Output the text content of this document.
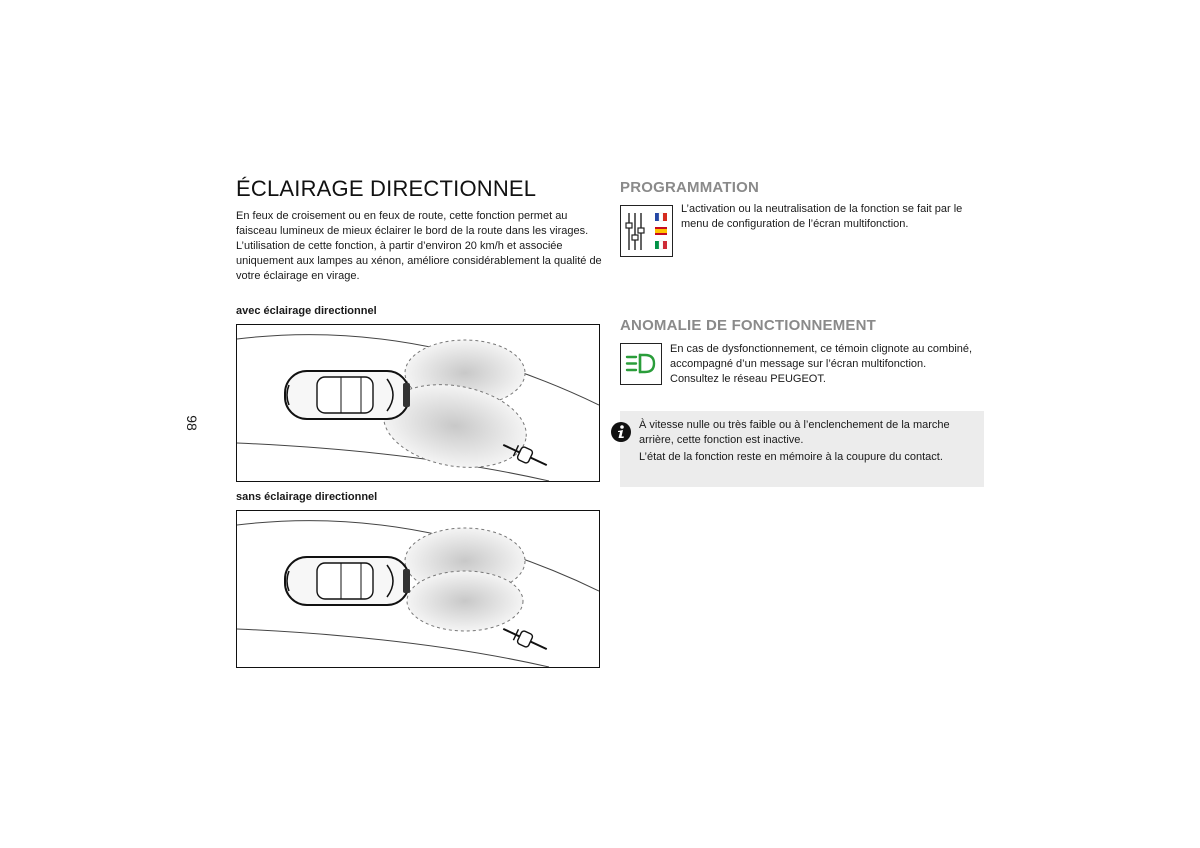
98
ÉCLAIRAGE DIRECTIONNEL

En feux de croisement ou en feux de route, cette fonction permet au faisceau lumineux de mieux éclairer le bord de la route dans les virages.

L’utilisation de cette fonction, à partir d’environ 20 km/h et associée uniquement aux lampes au xénon, améliore considérablement la qualité de votre éclairage en virage.

avec éclairage directionnel

sans éclairage directionnel

PROGRAMMATION

L’activation ou la neutralisation de la fonction se fait par le menu de configuration de l’écran multifonction.

ANOMALIE DE FONCTIONNEMENT

En cas de dysfonctionnement, ce témoin clignote au combiné, accompagné d’un message sur l’écran multifonction.

Consultez le réseau PEUGEOT.

À vitesse nulle ou très faible ou à l’enclenchement de la marche arrière, cette fonction est inactive.

L’état de la fonction reste en mémoire à la coupure du contact.
